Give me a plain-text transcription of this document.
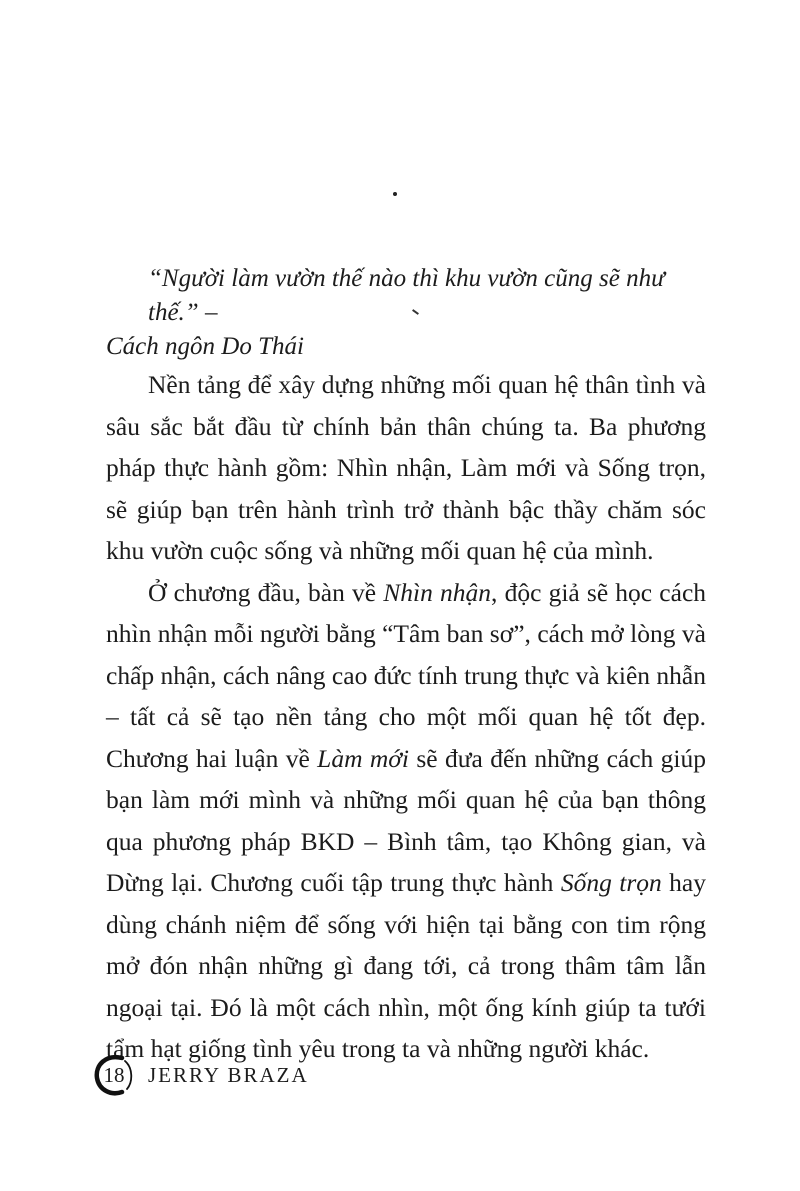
“Người làm vườn thế nào thì khu vườn cũng sẽ như thế.” –
Cách ngôn Do Thái

Nền tảng để xây dựng những mối quan hệ thân tình và sâu sắc bắt đầu từ chính bản thân chúng ta. Ba phương pháp thực hành gồm: Nhìn nhận, Làm mới và Sống trọn, sẽ giúp bạn trên hành trình trở thành bậc thầy chăm sóc khu vườn cuộc sống và những mối quan hệ của mình.

Ở chương đầu, bàn về Nhìn nhận, độc giả sẽ học cách nhìn nhận mỗi người bằng “Tâm ban sơ”, cách mở lòng và chấp nhận, cách nâng cao đức tính trung thực và kiên nhẫn – tất cả sẽ tạo nền tảng cho một mối quan hệ tốt đẹp. Chương hai luận về Làm mới sẽ đưa đến những cách giúp bạn làm mới mình và những mối quan hệ của bạn thông qua phương pháp BKD – Bình tâm, tạo Không gian, và Dừng lại. Chương cuối tập trung thực hành Sống trọn hay dùng chánh niệm để sống với hiện tại bằng con tim rộng mở đón nhận những gì đang tới, cả trong thâm tâm lẫn ngoại tại. Đó là một cách nhìn, một ống kính giúp ta tưới tẩm hạt giống tình yêu trong ta và những người khác.

18	JERRY BRAZA
